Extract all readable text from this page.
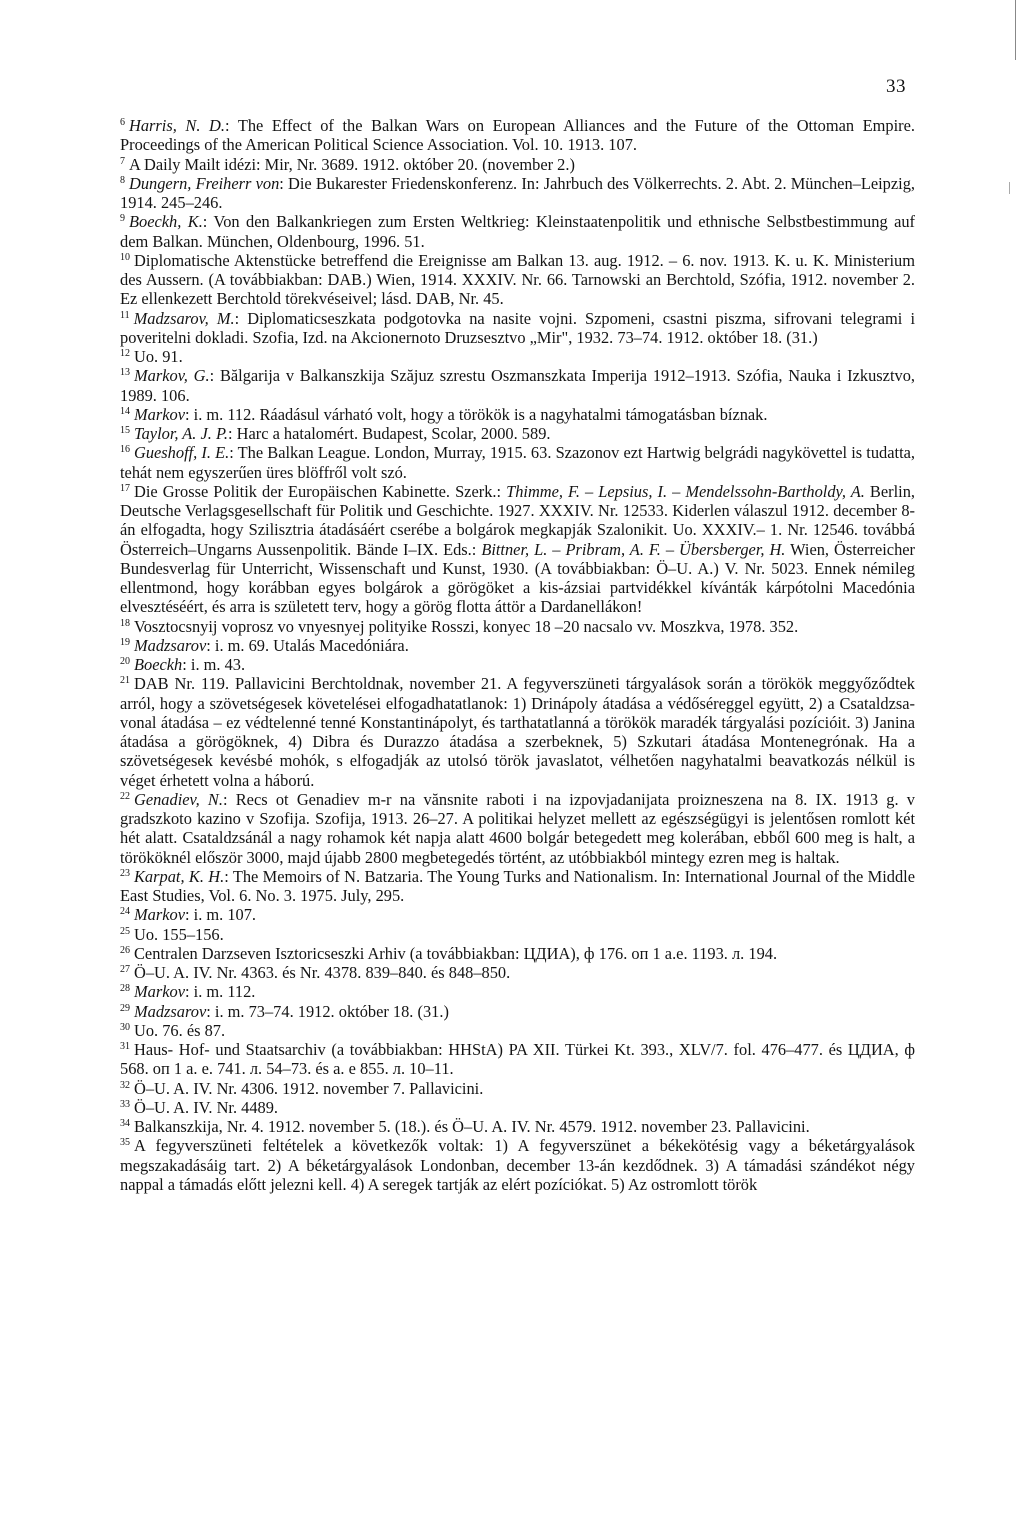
33

$^6$ Harris, N. D.: The Effect of the Balkan Wars on European Alliances and the Future of the Ottoman Empire. Proceedings of the American Political Science Association. Vol. 10. 1913. 107.

$^7$ A Daily Mailt idézi: Mir, Nr. 3689. 1912. október 20. (november 2.)

$^8$ Dungern, Freiherr von: Die Bukarester Friedenskonferenz. In: Jahrbuch des Völkerrechts. 2. Abt. 2. München–Leipzig, 1914. 245–246.

$^9$ Boeckh, K.: Von den Balkankriegen zum Ersten Weltkrieg: Kleinstaatenpolitik und ethnische Selbstbestimmung auf dem Balkan. München, Oldenbourg, 1996. 51.

$^{10}$ Diplomatische Aktenstücke betreffend die Ereignisse am Balkan 13. aug. 1912. – 6. nov. 1913. K. u. K. Ministerium des Aussern. (A továbbiakban: DAB.) Wien, 1914. XXXIV. Nr. 66. Tarnowski an Berchtold, Szófia, 1912. november 2. Ez ellenkezett Berchtold törekvéseivel; lásd. DAB, Nr. 45.

$^{11}$ Madzsarov, M.: Diplomaticseszkata podgotovka na nasite vojni. Szpomeni, csastni piszma, sifrovani telegrami i poveritelni dokladi. Szofia, Izd. na Akcionernoto Druzsesztvo „Mir", 1932. 73–74. 1912. október 18. (31.)

$^{12}$ Uo. 91.

$^{13}$ Markov, G.: Bălgarija v Balkanszkija Szăjuz szrestu Oszmanszkata Imperija 1912–1913. Szófia, Nauka i Izkusztvo, 1989. 106.

$^{14}$ Markov: i. m. 112. Ráadásul várható volt, hogy a törökök is a nagyhatalmi támogatásban bíznak.

$^{15}$ Taylor, A. J. P.: Harc a hatalomért. Budapest, Scolar, 2000. 589.

$^{16}$ Gueshoff, I. E.: The Balkan League. London, Murray, 1915. 63. Szazonov ezt Hartwig belgrádi nagykövettel is tudatta, tehát nem egyszerűen üres blöffről volt szó.

$^{17}$ Die Grosse Politik der Europäischen Kabinette. Szerk.: Thimme, F. – Lepsius, I. – Mendelssohn-Bartholdy, A. Berlin, Deutsche Verlagsgesellschaft für Politik und Geschichte. 1927. XXXIV. Nr. 12533. Kiderlen válaszul 1912. december 8-án elfogadta, hogy Szilisztria átadásáért cserébe a bolgárok megkapják Szalonikit. Uo. XXXIV.– 1. Nr. 12546. továbbá Österreich–Ungarns Aussenpolitik. Bände I–IX. Eds.: Bittner, L. – Pribram, A. F. – Übersberger, H. Wien, Österreicher Bundesverlag für Unterricht, Wissenschaft und Kunst, 1930. (A továbbiakban: Ö–U. A.) V. Nr. 5023. Ennek némileg ellentmond, hogy korábban egyes bolgárok a görögöket a kis-ázsiai partvidékkel kívánták kárpótolni Macedónia elvesztéséért, és arra is született terv, hogy a görög flotta áttör a Dardanellákon!

$^{18}$ Vosztocsnyij voprosz vo vnyesnyej polityike Rosszi, konyec 18 –20 nacsalo vv. Moszkva, 1978. 352.

$^{19}$ Madzsarov: i. m. 69. Utalás Macedóniára.

$^{20}$ Boeckh: i. m. 43.

$^{21}$ DAB Nr. 119. Pallavicini Berchtoldnak, november 21. A fegyverszüneti tárgyalások során a törökök meggyőződtek arról, hogy a szövetségesek követelései elfogadhatatlanok: 1) Drinápoly átadása a védőséreggel együtt, 2) a Csataldzsa-vonal átadása – ez védtelenné tenné Konstantinápolyt, és tarthatatlanná a törökök maradék tárgyalási pozícióit. 3) Janina átadása a görögöknek, 4) Dibra és Durazzo átadása a szerbeknek, 5) Szkutari átadása Montenegrónak. Ha a szövetségesek kevésbé mohók, s elfogadják az utolsó török javaslatot, vélhetően nagyhatalmi beavatkozás nélkül is véget érhetett volna a háború.

$^{22}$ Genadiev, N.: Recs ot Genadiev m-r na vănsnite raboti i na izpovjadanijata proizneszena na 8. IX. 1913 g. v gradszkoto kazino v Szofija. Szofija, 1913. 26–27. A politikai helyzet mellett az egészségügyi is jelentősen romlott két hét alatt. Csataldzsánál a nagy rohamok két napja alatt 4600 bolgár betegedett meg kolerában, ebből 600 meg is halt, a törököknél először 3000, majd újabb 2800 megbetegedés történt, az utóbbiakból mintegy ezren meg is haltak.

$^{23}$ Karpat, K. H.: The Memoirs of N. Batzaria. The Young Turks and Nationalism. In: International Journal of the Middle East Studies, Vol. 6. No. 3. 1975. July, 295.

$^{24}$ Markov: i. m. 107.

$^{25}$ Uo. 155–156.

$^{26}$ Centralen Darzseven Isztoricseszki Arhiv (a továbbiakban: ЦДИА), ф 176. оп 1 a.e. 1193. л. 194.

$^{27}$ Ö–U. A. IV. Nr. 4363. és Nr. 4378. 839–840. és 848–850.

$^{28}$ Markov: i. m. 112.

$^{29}$ Madzsarov: i. m. 73–74. 1912. október 18. (31.)

$^{30}$ Uo. 76. és 87.

$^{31}$ Haus- Hof- und Staatsarchiv (a továbbiakban: HHStA) PA XII. Türkei Kt. 393., XLV/7. fol. 476–477. és ЦДИА, ф 568. оп 1 a. e. 741. л. 54–73. és a. e 855. л. 10–11.

$^{32}$ Ö–U. A. IV. Nr. 4306. 1912. november 7. Pallavicini.

$^{33}$ Ö–U. A. IV. Nr. 4489.

$^{34}$ Balkanszkija, Nr. 4. 1912. november 5. (18.). és Ö–U. A. IV. Nr. 4579. 1912. november 23. Pallavicini.

$^{35}$ A fegyverszüneti feltételek a következők voltak: 1) A fegyverszünet a békekötésig vagy a béketárgyalások megszakadásáig tart. 2) A béketárgyalások Londonban, december 13-án kezdődnek. 3) A támadási szándékot négy nappal a támadás előtt jelezni kell. 4) A seregek tartják az elért pozíciókat. 5) Az ostromlott török
